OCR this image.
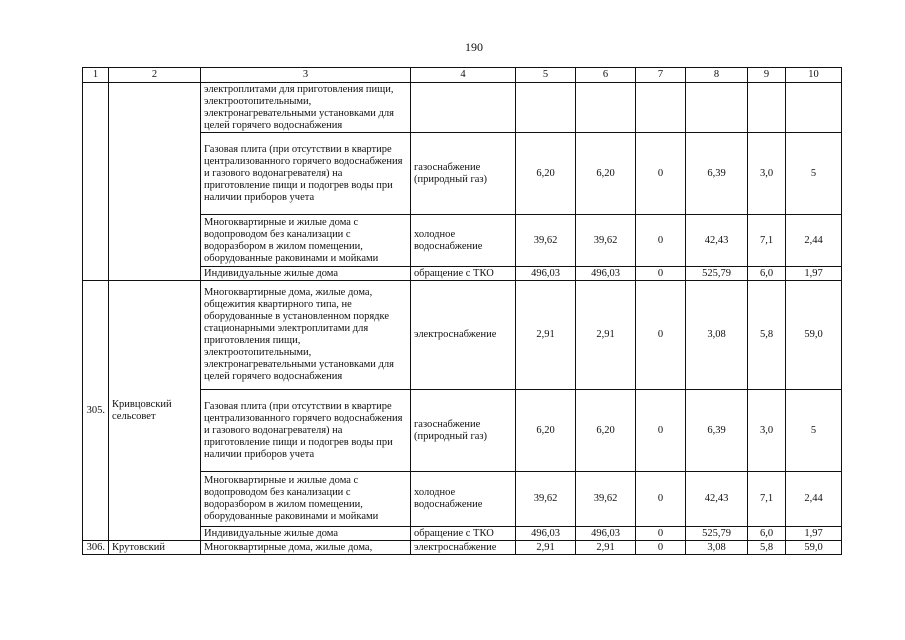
190
1	2	3	4	5	6	7	8	9	10
		электроплитами для приготовления пищи, электроотопительными, электронагревательными установками для целей горячего водоснабжения							
		Газовая плита (при отсутствии в квартире централизованного горячего водоснабжения и газового водонагревателя) на приготовление пищи и подогрев воды при наличии приборов учета	газоснабжение (природный газ)	6,20	6,20	0	6,39	3,0	5
		Многоквартирные и жилые дома с водопроводом без канализации с водоразбором в жилом помещении, оборудованные раковинами и мойками	холодное водоснабжение	39,62	39,62	0	42,43	7,1	2,44
		Индивидуальные жилые дома	обращение с ТКО	496,03	496,03	0	525,79	6,0	1,97
305.	Кривцовский сельсовет	Многоквартирные дома, жилые дома, общежития квартирного типа, не оборудованные в установленном порядке стационарными электроплитами для приготовления пищи, электроотопительными, электронагревательными установками для целей горячего водоснабжения	электроснабжение	2,91	2,91	0	3,08	5,8	59,0
		Газовая плита (при отсутствии в квартире централизованного горячего водоснабжения и газового водонагревателя) на приготовление пищи и подогрев воды при наличии приборов учета	газоснабжение (природный газ)	6,20	6,20	0	6,39	3,0	5
		Многоквартирные и жилые дома с водопроводом без канализации с водоразбором в жилом помещении, оборудованные раковинами и мойками	холодное водоснабжение	39,62	39,62	0	42,43	7,1	2,44
		Индивидуальные жилые дома	обращение с ТКО	496,03	496,03	0	525,79	6,0	1,97
306.	Крутовский	Многоквартирные дома, жилые дома,	электроснабжение	2,91	2,91	0	3,08	5,8	59,0
